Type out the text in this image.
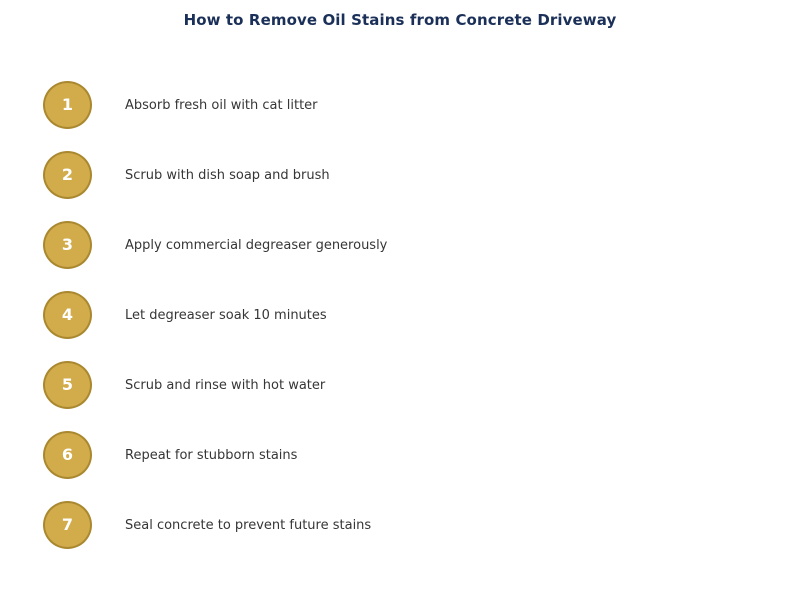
How to Remove Oil Stains from Concrete Driveway
1	Absorb fresh oil with cat litter
2	Scrub with dish soap and brush
3	Apply commercial degreaser generously
4	Let degreaser soak 10 minutes
5	Scrub and rinse with hot water
6	Repeat for stubborn stains
7	Seal concrete to prevent future stains
